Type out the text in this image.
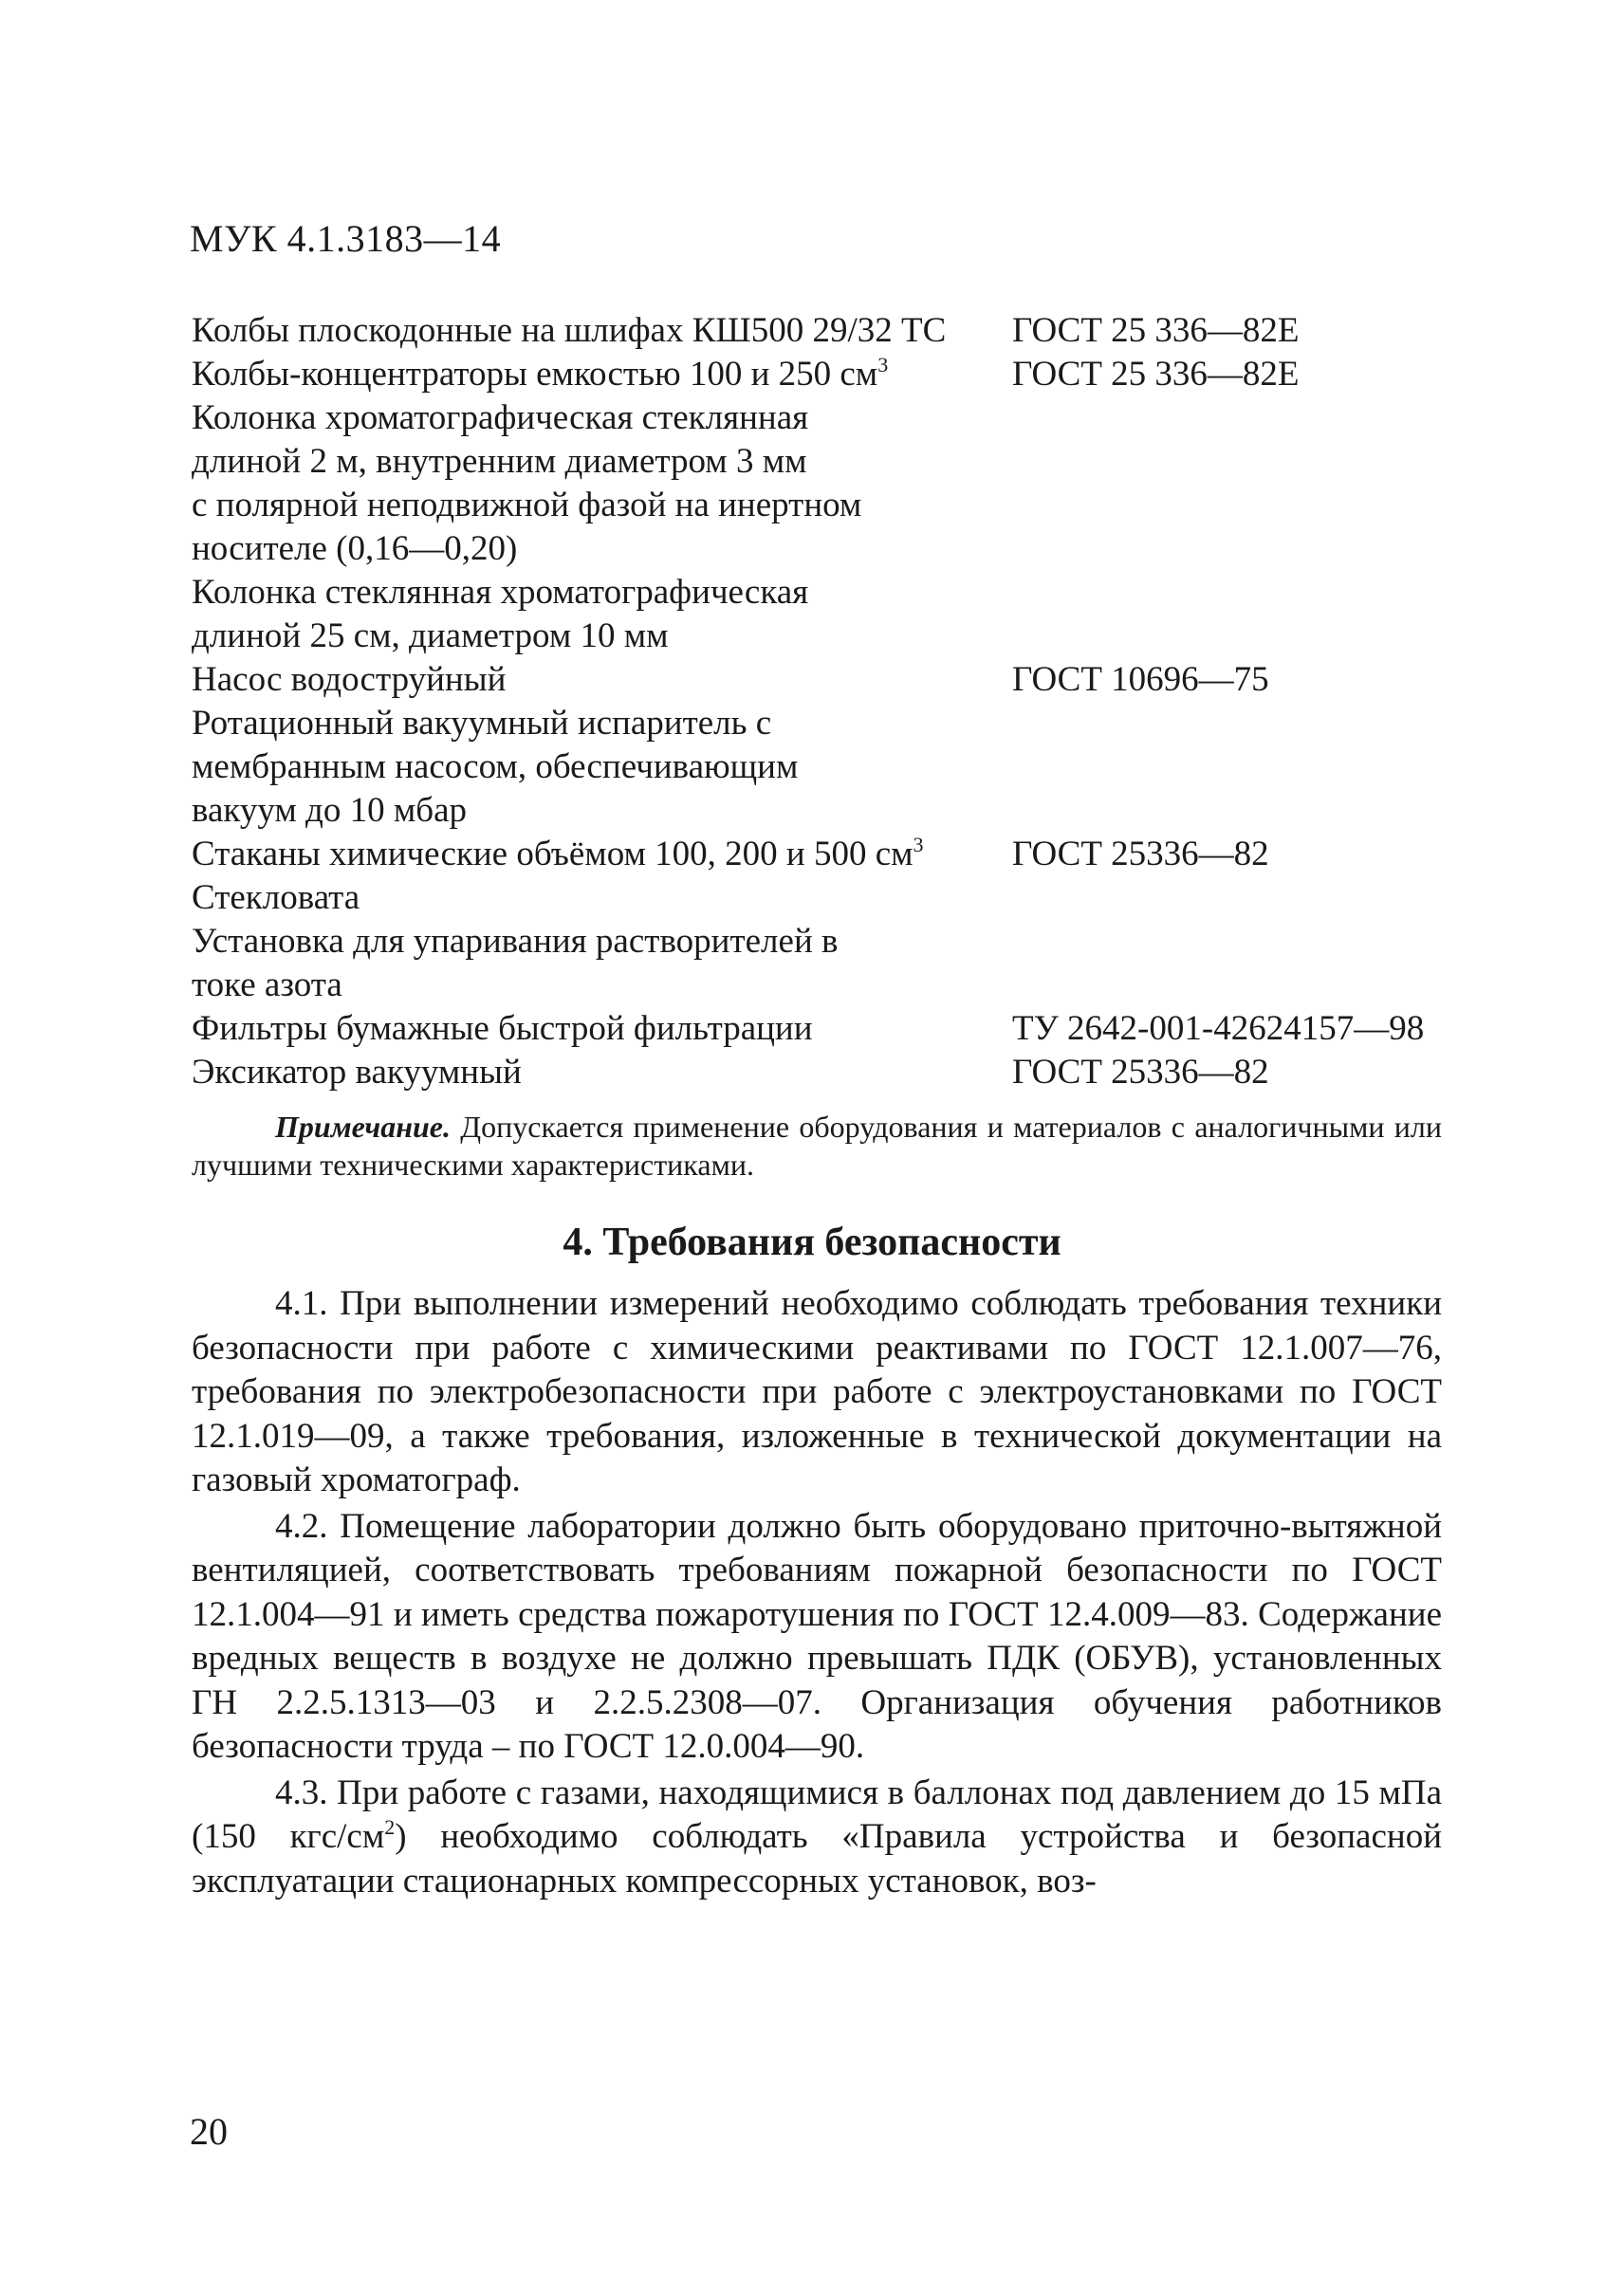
МУК 4.1.3183—14
Колбы плоскодонные на шлифах КШ500 29/32 ТС	ГОСТ 25 336—82Е
Колбы-концентраторы емкостью 100 и 250 $см^3$	ГОСТ 25 336—82Е
Колонка хроматографическая стеклянная
длиной 2 м, внутренним диаметром 3 мм
с полярной неподвижной фазой на инертном
носителе (0,16—0,20)
Колонка стеклянная хроматографическая
длиной 25 см, диаметром 10 мм
Насос водоструйный	ГОСТ 10696—75
Ротационный вакуумный испаритель с
мембранным насосом, обеспечивающим
вакуум до 10 мбар
Стаканы химические объёмом 100, 200 и 500 $см^3$	ГОСТ 25336—82
Стекловата
Установка для упаривания растворителей в
токе азота
Фильтры бумажные быстрой фильтрации	ТУ 2642-001-42624157—98
Эксикатор вакуумный	ГОСТ 25336—82
Примечание. Допускается применение оборудования и материалов с аналогичными или лучшими техническими характеристиками.
4. Требования безопасности

4.1. При выполнении измерений необходимо соблюдать требования техники безопасности при работе с химическими реактивами по ГОСТ 12.1.007—76, требования по электробезопасности при работе с электроустановками по ГОСТ 12.1.019—09, а также требования, изложенные в технической документации на газовый хроматограф.

4.2. Помещение лаборатории должно быть оборудовано приточно-вытяжной вентиляцией, соответствовать требованиям пожарной безопасности по ГОСТ 12.1.004—91 и иметь средства пожаротушения по ГОСТ 12.4.009—83. Содержание вредных веществ в воздухе не должно превышать ПДК (ОБУВ), установленных ГН 2.2.5.1313—03 и 2.2.5.2308—07. Организация обучения работников безопасности труда – по ГОСТ 12.0.004—90.

4.3. При работе с газами, находящимися в баллонах под давлением до 15 мПа (150 кгс/$см^2$) необходимо соблюдать «Правила устройства и безопасной эксплуатации стационарных компрессорных установок, воз-

20
